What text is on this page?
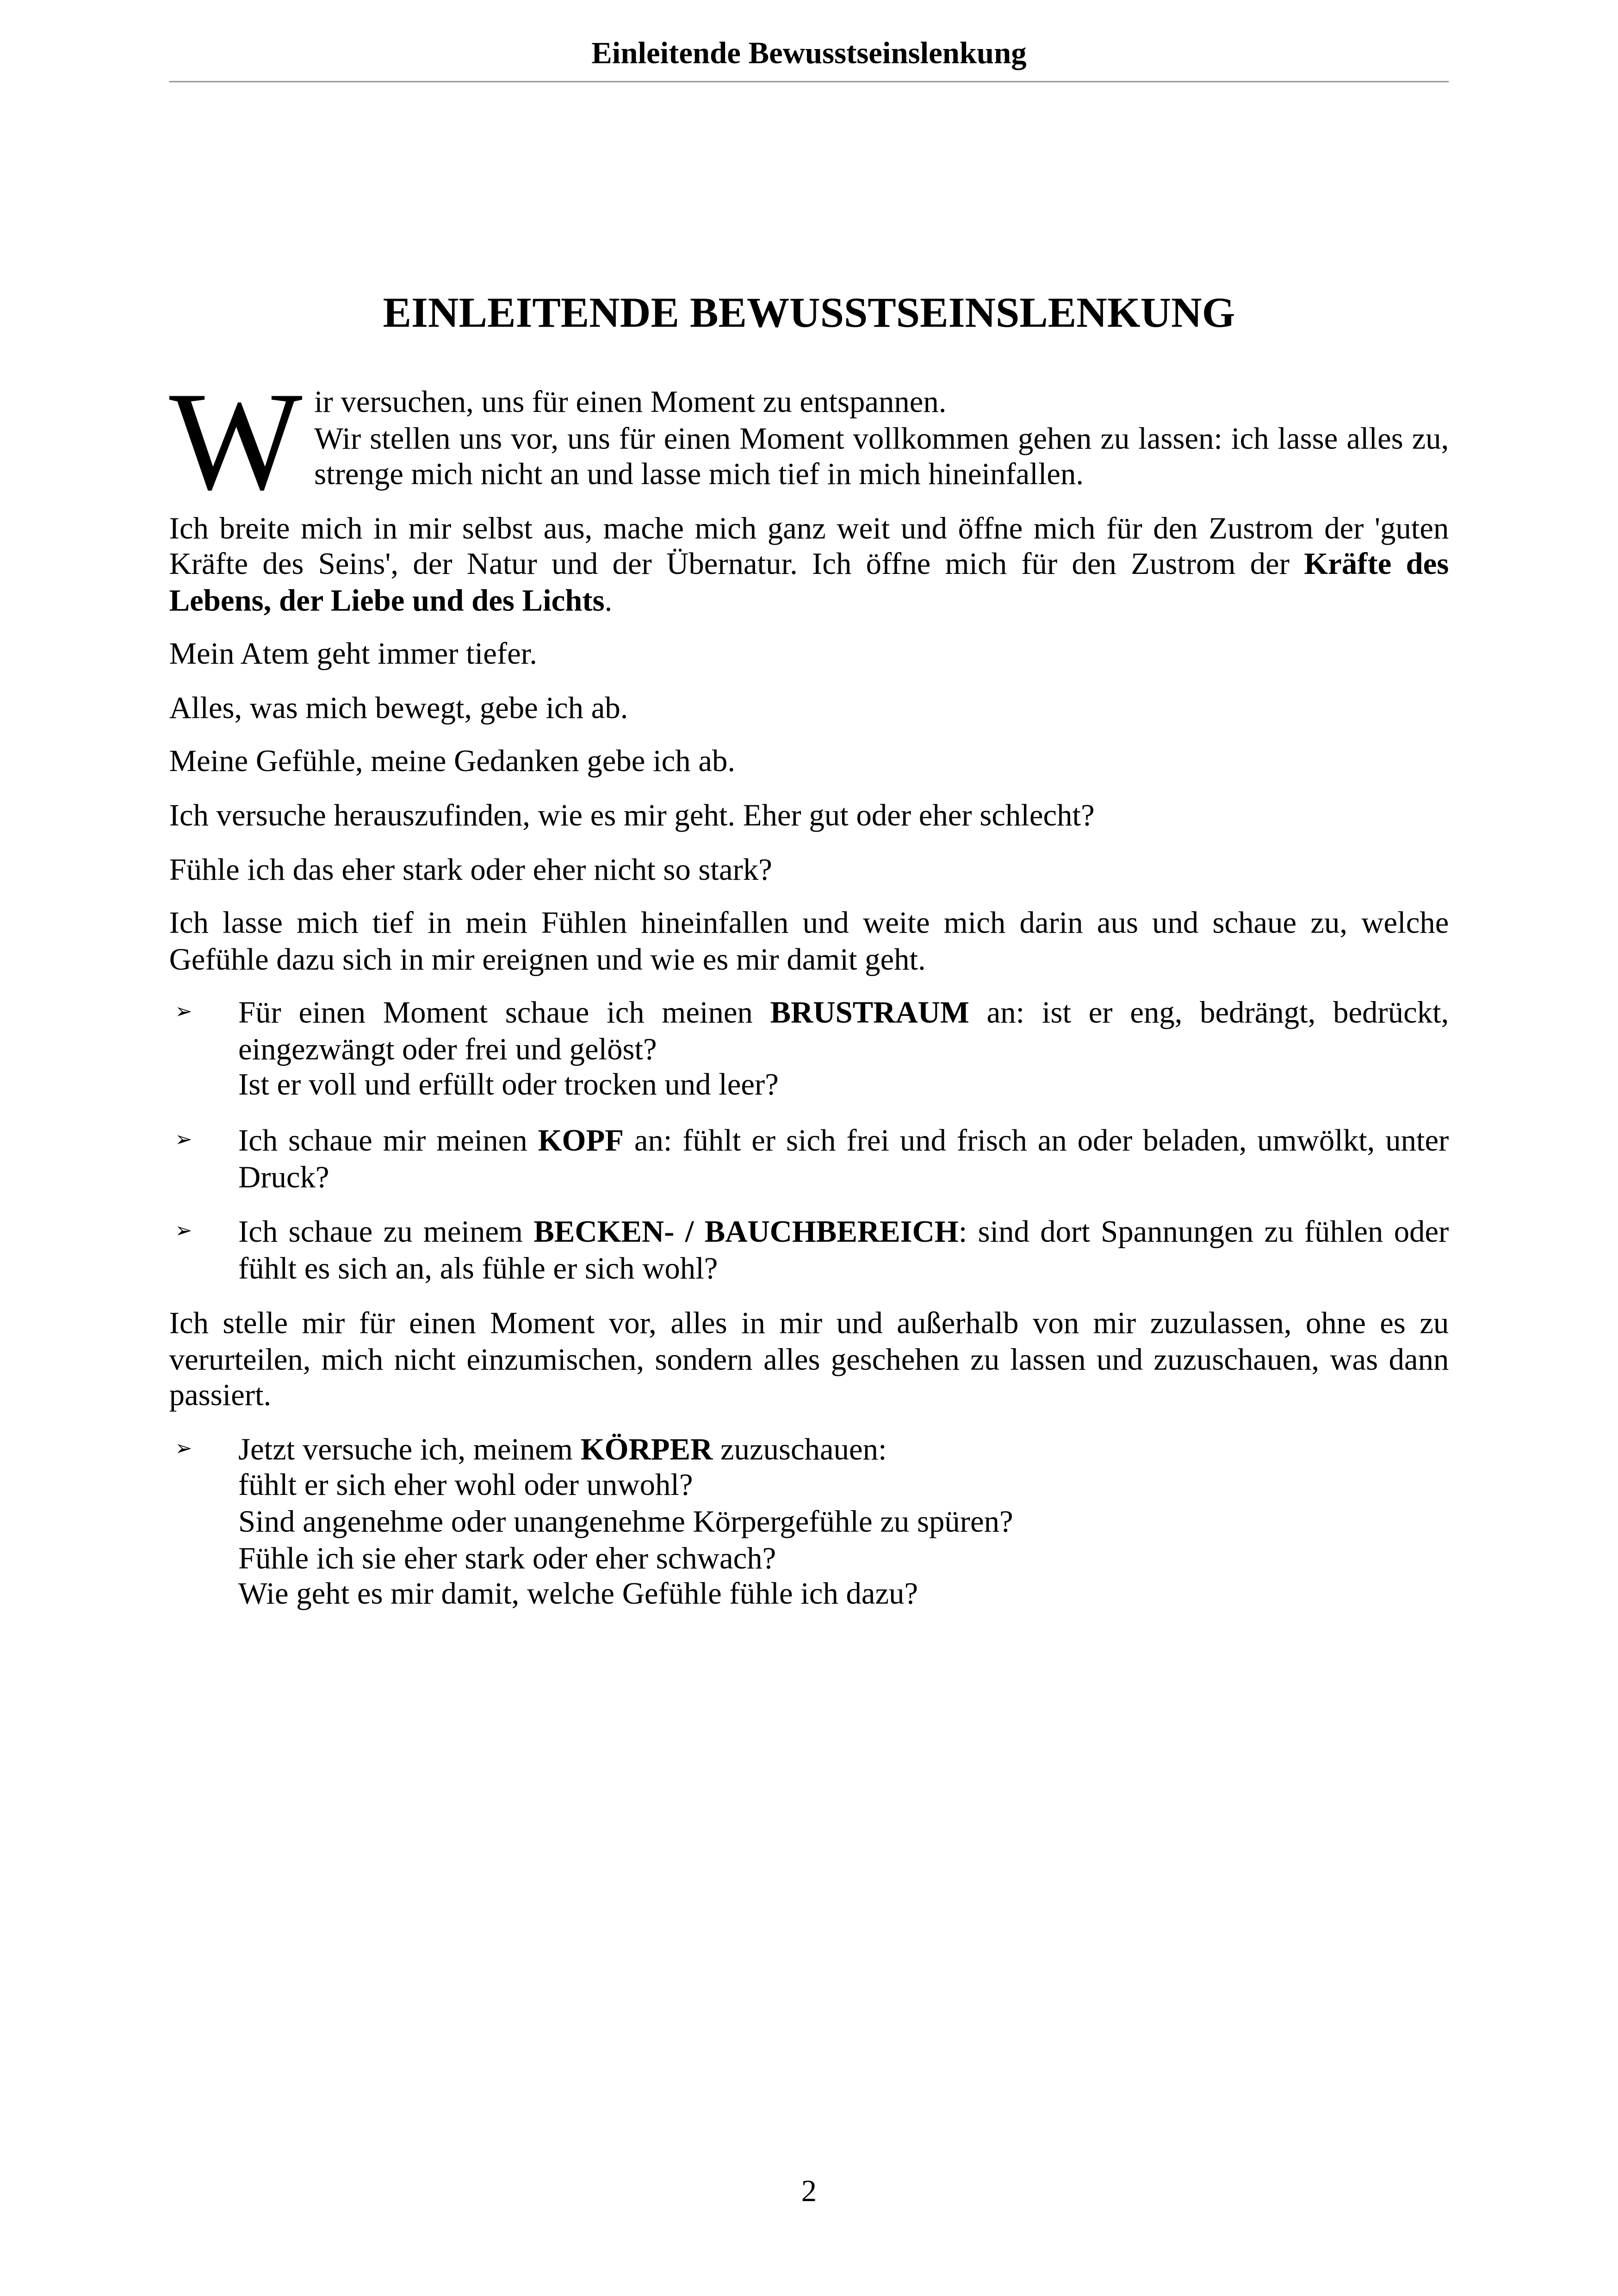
Einleitende Bewusstseinslenkung
EINLEITENDE BEWUSSTSEINSLENKUNG

W ir versuchen, uns für einen Moment zu entspannen.
Wir stellen uns vor, uns für einen Moment vollkommen gehen zu lassen: ich lasse alles zu, strenge mich nicht an und lasse mich tief in mich hineinfallen.

Ich breite mich in mir selbst aus, mache mich ganz weit und öffne mich für den Zustrom der 'guten Kräfte des Seins', der Natur und der Übernatur. Ich öffne mich für den Zustrom der Kräfte des Lebens, der Liebe und des Lichts.

Mein Atem geht immer tiefer.

Alles, was mich bewegt, gebe ich ab.

Meine Gefühle, meine Gedanken gebe ich ab.

Ich versuche herauszufinden, wie es mir geht. Eher gut oder eher schlecht?

Fühle ich das eher stark oder eher nicht so stark?

Ich lasse mich tief in mein Fühlen hineinfallen und weite mich darin aus und schaue zu, welche Gefühle dazu sich in mir ereignen und wie es mir damit geht.

➢	Für einen Moment schaue ich meinen BRUSTRAUM an: ist er eng, bedrängt, bedrückt, eingezwängt oder frei und gelöst?
Ist er voll und erfüllt oder trocken und leer?
➢	Ich schaue mir meinen KOPF an: fühlt er sich frei und frisch an oder beladen, umwölkt, unter Druck?
➢	Ich schaue zu meinem BECKEN- / BAUCHBEREICH: sind dort Spannungen zu fühlen oder fühlt es sich an, als fühle er sich wohl?

Ich stelle mir für einen Moment vor, alles in mir und außerhalb von mir zuzulassen, ohne es zu verurteilen, mich nicht einzumischen, sondern alles geschehen zu lassen und zuzuschauen, was dann passiert.

➢	Jetzt versuche ich, meinem KÖRPER zuzuschauen:
fühlt er sich eher wohl oder unwohl?
Sind angenehme oder unangenehme Körpergefühle zu spüren?
Fühle ich sie eher stark oder eher schwach?
Wie geht es mir damit, welche Gefühle fühle ich dazu?
2
